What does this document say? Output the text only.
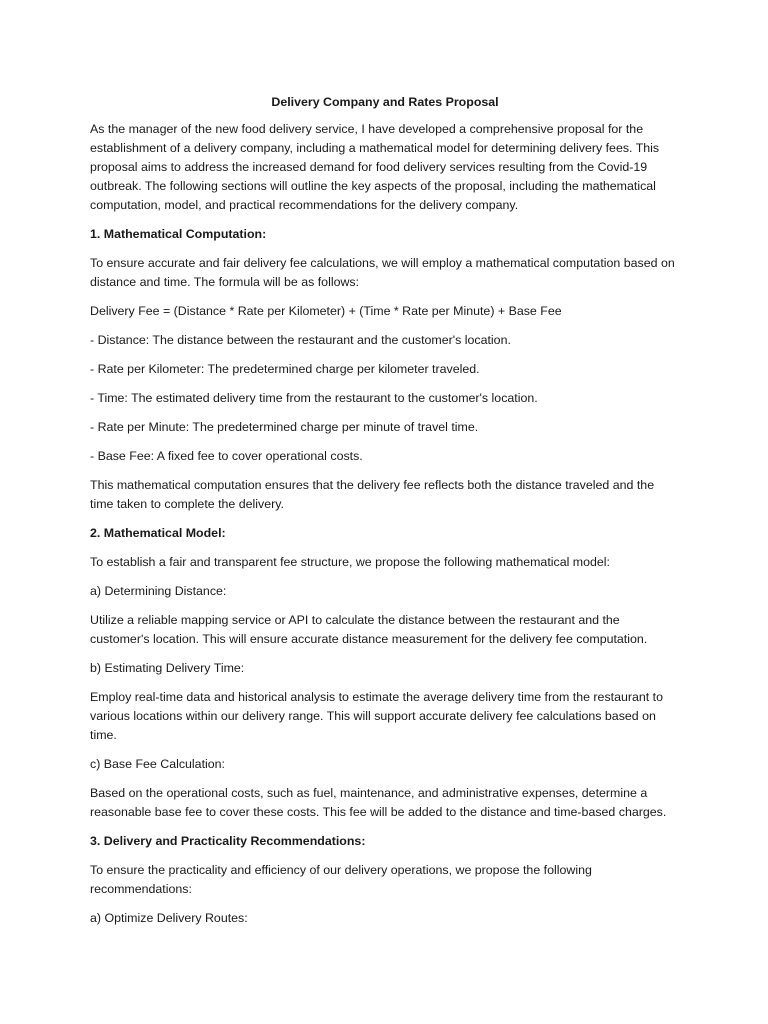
Delivery Company and Rates Proposal

As the manager of the new food delivery service, I have developed a comprehensive proposal for the establishment of a delivery company, including a mathematical model for determining delivery fees. This proposal aims to address the increased demand for food delivery services resulting from the Covid-19 outbreak. The following sections will outline the key aspects of the proposal, including the mathematical computation, model, and practical recommendations for the delivery company.

1. Mathematical Computation:

To ensure accurate and fair delivery fee calculations, we will employ a mathematical computation based on distance and time. The formula will be as follows:

Delivery Fee = (Distance * Rate per Kilometer) + (Time * Rate per Minute) + Base Fee

- Distance: The distance between the restaurant and the customer's location.

- Rate per Kilometer: The predetermined charge per kilometer traveled.

- Time: The estimated delivery time from the restaurant to the customer's location.

- Rate per Minute: The predetermined charge per minute of travel time.

- Base Fee: A fixed fee to cover operational costs.

This mathematical computation ensures that the delivery fee reflects both the distance traveled and the time taken to complete the delivery.

2. Mathematical Model:

To establish a fair and transparent fee structure, we propose the following mathematical model:

a) Determining Distance:

Utilize a reliable mapping service or API to calculate the distance between the restaurant and the customer's location. This will ensure accurate distance measurement for the delivery fee computation.

b) Estimating Delivery Time:

Employ real-time data and historical analysis to estimate the average delivery time from the restaurant to various locations within our delivery range. This will support accurate delivery fee calculations based on time.

c) Base Fee Calculation:

Based on the operational costs, such as fuel, maintenance, and administrative expenses, determine a reasonable base fee to cover these costs. This fee will be added to the distance and time-based charges.

3. Delivery and Practicality Recommendations:

To ensure the practicality and efficiency of our delivery operations, we propose the following recommendations:

a) Optimize Delivery Routes:
